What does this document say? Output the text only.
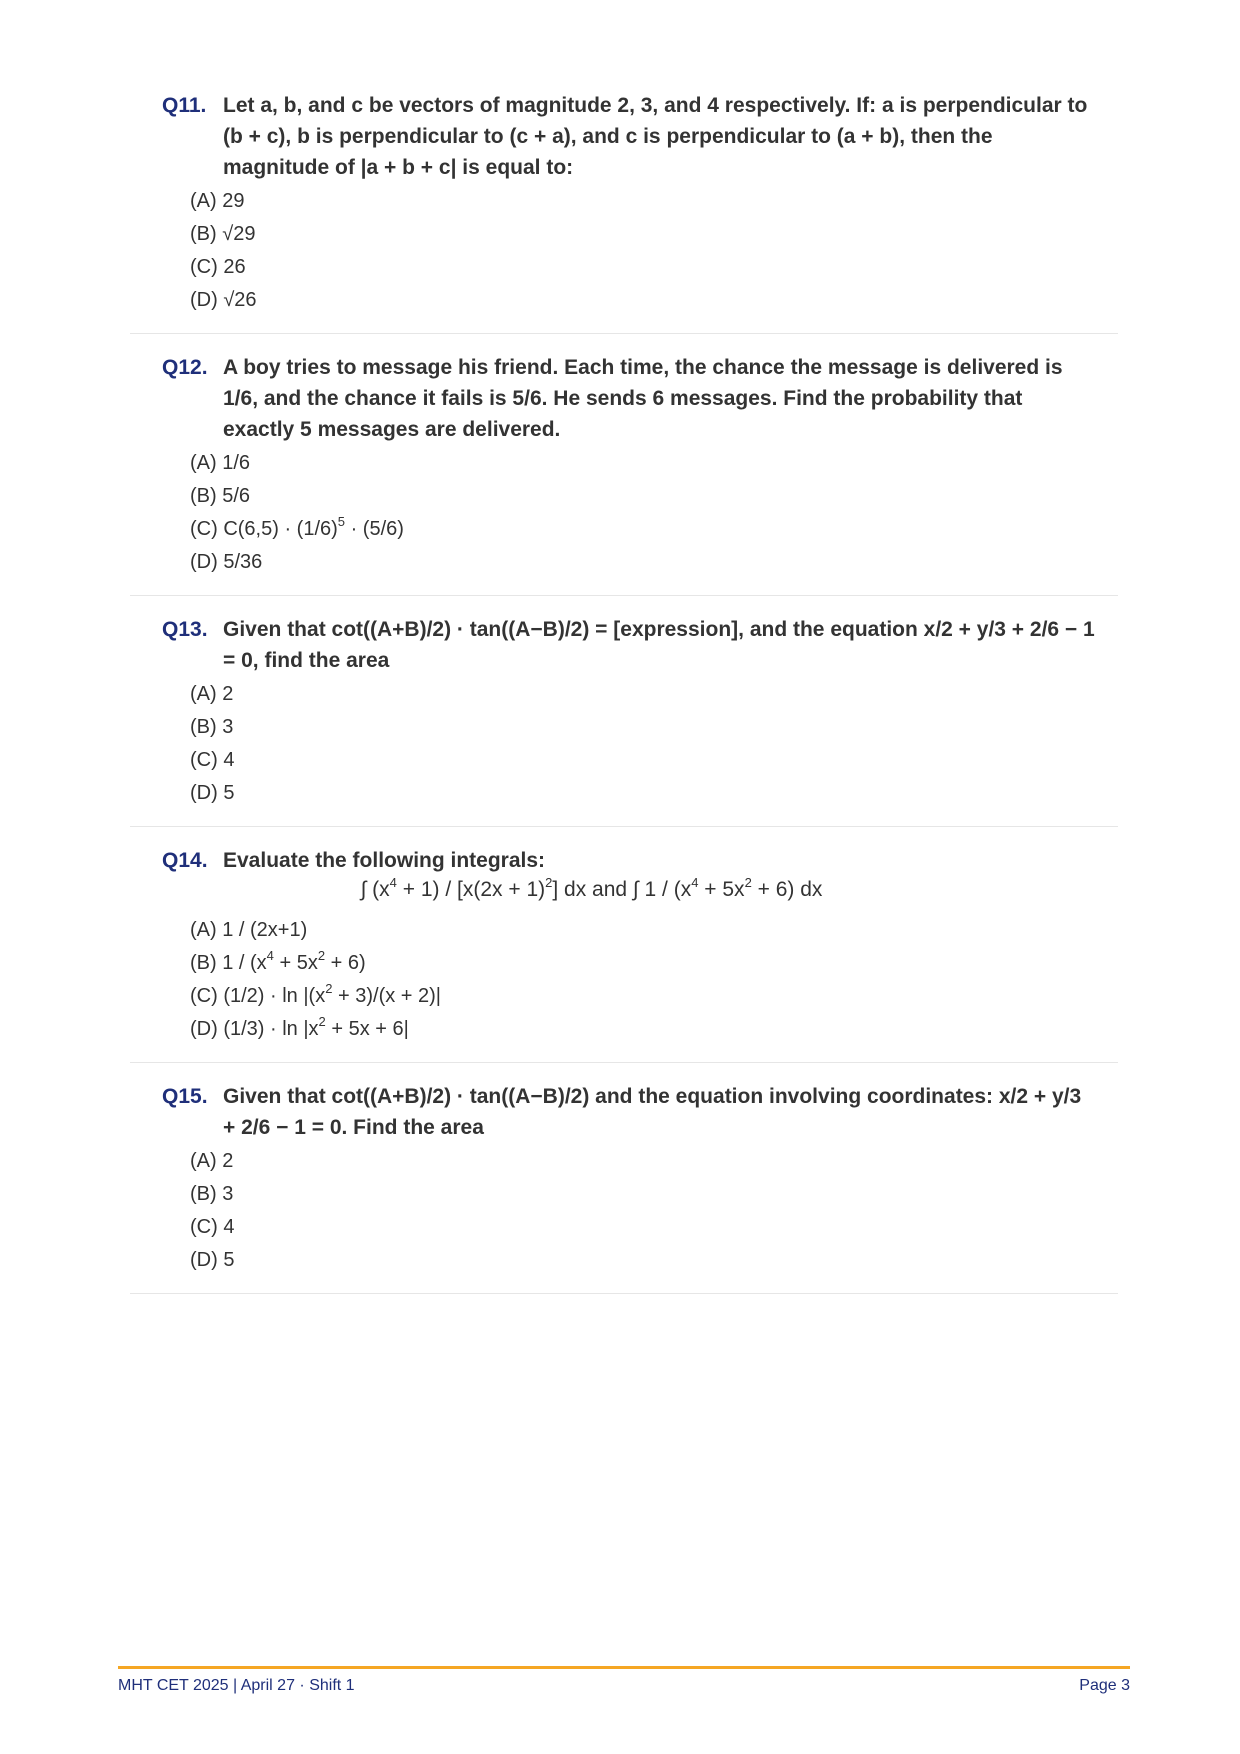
Q11. Let a, b, and c be vectors of magnitude 2, 3, and 4 respectively. If: a is perpendicular to (b + c), b is perpendicular to (c + a), and c is perpendicular to (a + b), then the magnitude of |a + b + c| is equal to:
(A) 29
(B) √29
(C) 26
(D) √26
Q12. A boy tries to message his friend. Each time, the chance the message is delivered is 1/6, and the chance it fails is 5/6. He sends 6 messages. Find the probability that exactly 5 messages are delivered.
(A) 1/6
(B) 5/6
(C) $C(6,5) \cdot (1/6)^5 \cdot (5/6)$
(D) 5/36
Q13. Given that cot((A+B)/2) · tan((A−B)/2) = [expression], and the equation x/2 + y/3 + 2/6 − 1 = 0, find the area
(A) 2
(B) 3
(C) 4
(D) 5
Q14. Evaluate the following integrals:
∫ $(x^4 + 1) / [x(2x + 1)^2]$ dx and ∫ $1 / (x^4 + 5x^2 + 6)$ dx
(A) 1 / (2x+1)
(B) $1 / (x^4 + 5x^2 + 6)$
(C) $(1/2) \cdot \ln |(x^2 + 3)/(x + 2)|$
(D) $(1/3) \cdot \ln |x^2 + 5x + 6|$
Q15. Given that cot((A+B)/2) · tan((A−B)/2) and the equation involving coordinates: x/2 + y/3 + 2/6 − 1 = 0. Find the area
(A) 2
(B) 3
(C) 4
(D) 5
MHT CET 2025 | April 27 · Shift 1	Page 3
